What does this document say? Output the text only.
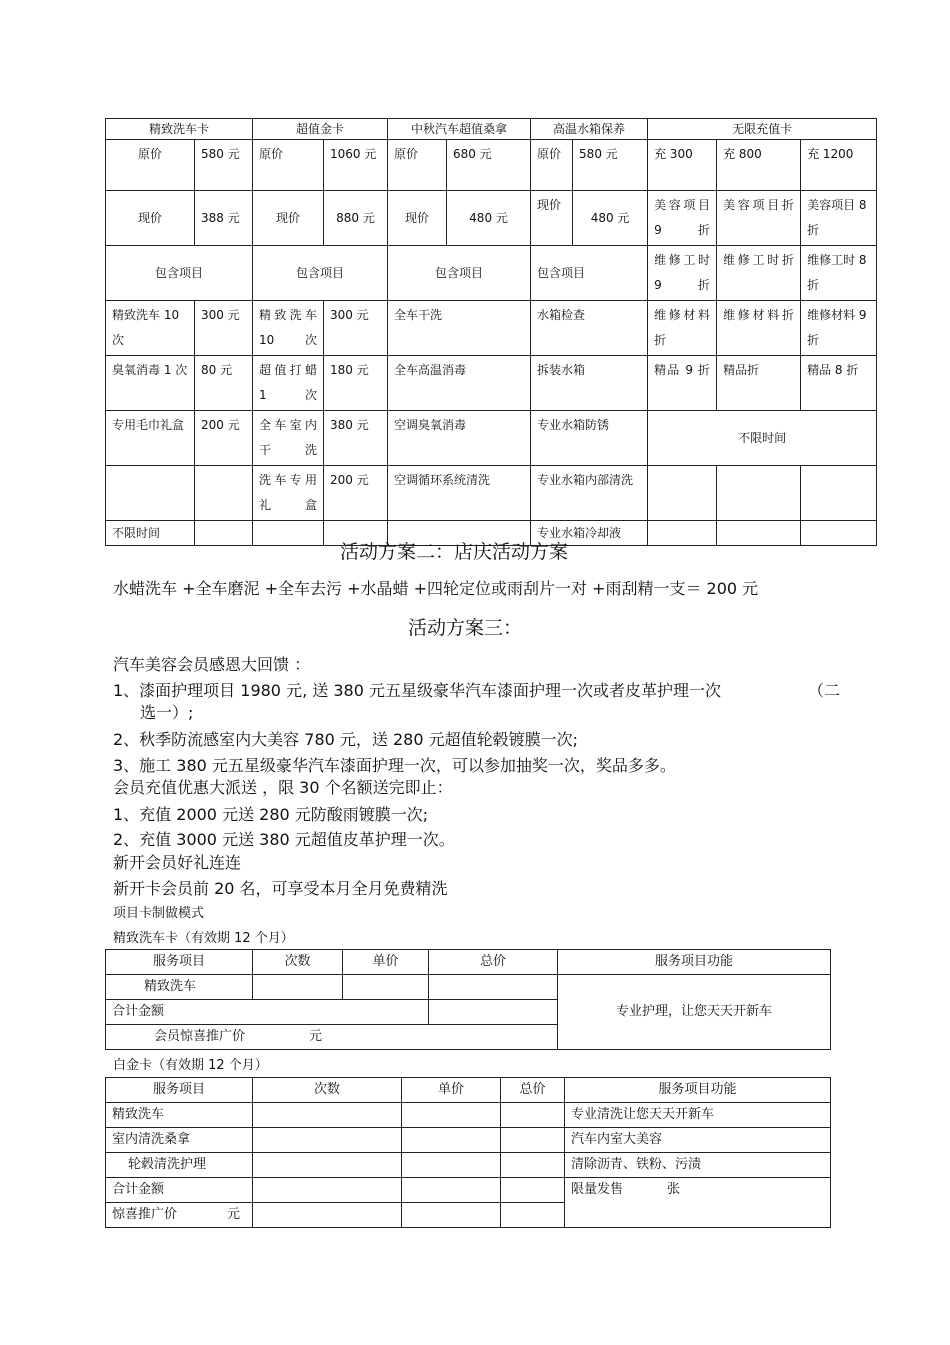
精致洗车卡		超值金卡		中秋汽车超值桑拿		高温水箱保养		无限充值卡		
原价	580 元	原价	1060 元	原价	680 元	原价	580 元	充 300	充 800	充 1200
现价	388 元	现价	880 元	现价	480 元	现价	480 元	美容项目 9 折	美容项目折	美容项目 8 折
包含项目		包含项目		包含项目		包含项目		维修工时 9 折	维修工时折	维修工时 8 折
精致洗车 10 次	300 元	精致洗车 10 次	300 元	全车干洗		水箱检查		维修材料折	维修材料折	维修材料 9 折
臭氧消毒 1 次	80 元	超值打蜡 1 次	180 元	全车高温消毒		拆装水箱		精品 9 折	精品折	精品 8 折
专用毛巾礼盒	200 元	全车室内干洗	380 元	空调臭氧消毒		专业水箱防锈		不限时间		
		洗车专用礼盒	200 元	空调循环系统清洗		专业水箱内部清洗				
不限时间						专业水箱冷却液				
活动方案二：店庆活动方案
水蜡洗车 +全车磨泥 +全车去污 +水晶蜡 +四轮定位或雨刮片一对 +雨刮精一支＝ 200 元
活动方案三：
汽车美容会员感恩大回馈 ：
1、漆面护理项目 1980 元, 送 380 元五星级豪华汽车漆面护理一次或者皮革护理一次	（二
选一）;
2、秋季防流感室内大美容 780 元，送 280 元超值轮毂镀膜一次;
3、施工 380 元五星级豪华汽车漆面护理一次，可以参加抽奖一次，奖品多多。
会员充值优惠大派送 ，限 30 个名额送完即止：
1、充值 2000 元送 280 元防酸雨镀膜一次;
2、充值 3000 元送 380 元超值皮革护理一次。
新开会员好礼连连
新开卡会员前 20 名，可享受本月全月免费精洗
项目卡制做模式
精致洗车卡（有效期 12 个月）
服务项目	次数	单价	总价	服务项目功能
精致洗车				专业护理，让您天天开新车
合计金额				
会员惊喜推广价 元				
白金卡（有效期 12 个月）
服务项目	次数	单价	总价	服务项目功能
精致洗车				专业清洗让您天天开新车
室内清洗桑拿				汽车内室大美容
轮毂清洗护理				清除沥青、铁粉、污渍
合计金额				限量发售 张
惊喜推广价 元				
